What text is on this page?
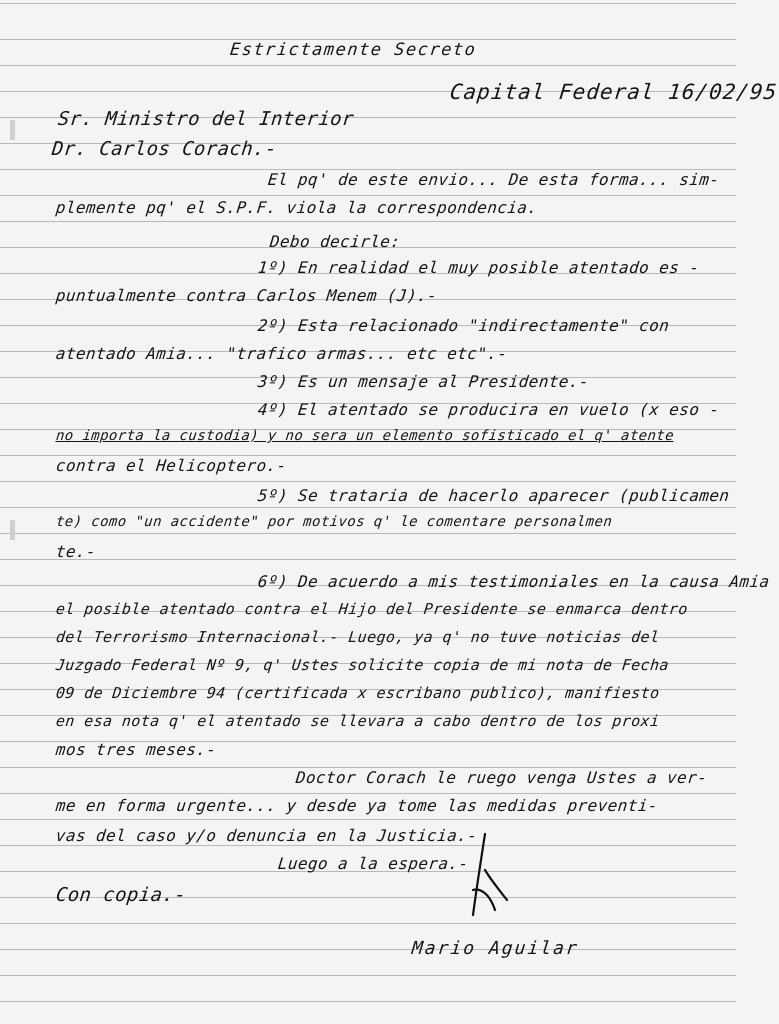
Estrictamente Secreto
Capital Federal 16/02/95
Sr. Ministro del Interior
Dr. Carlos Corach.-
El pq' de este envio... De esta forma... sim-
plemente pq' el S.P.F. viola la correspondencia.
Debo decirle:
1º) En realidad el muy posible atentado es -
puntualmente contra Carlos Menem (J).-
2º) Esta relacionado "indirectamente" con
atentado Amia... "trafico armas... etc etc".-
3º) Es un mensaje al Presidente.-
4º) El atentado se producira en vuelo (x eso -
no importa la custodia) y no sera un elemento sofisticado el q' atente
contra el Helicoptero.-
5º) Se trataria de hacerlo aparecer (publicamen
te) como "un accidente" por motivos q' le comentare personalmen
te.-
6º) De acuerdo a mis testimoniales en la causa Amia
el posible atentado contra el Hijo del Presidente se enmarca dentro
del Terrorismo Internacional.- Luego, ya q' no tuve noticias del
Juzgado Federal Nº 9, q' Ustes solicite copia de mi nota de Fecha
09 de Diciembre 94 (certificada x escribano publico), manifiesto
en esa nota q' el atentado se llevara a cabo dentro de los proxi
mos tres meses.-
Doctor Corach le ruego venga Ustes a ver-
me en forma urgente... y desde ya tome las medidas preventi-
vas del caso y/o denuncia en la Justicia.-
Luego a la espera.-
Con copia.-
Mario Aguilar
